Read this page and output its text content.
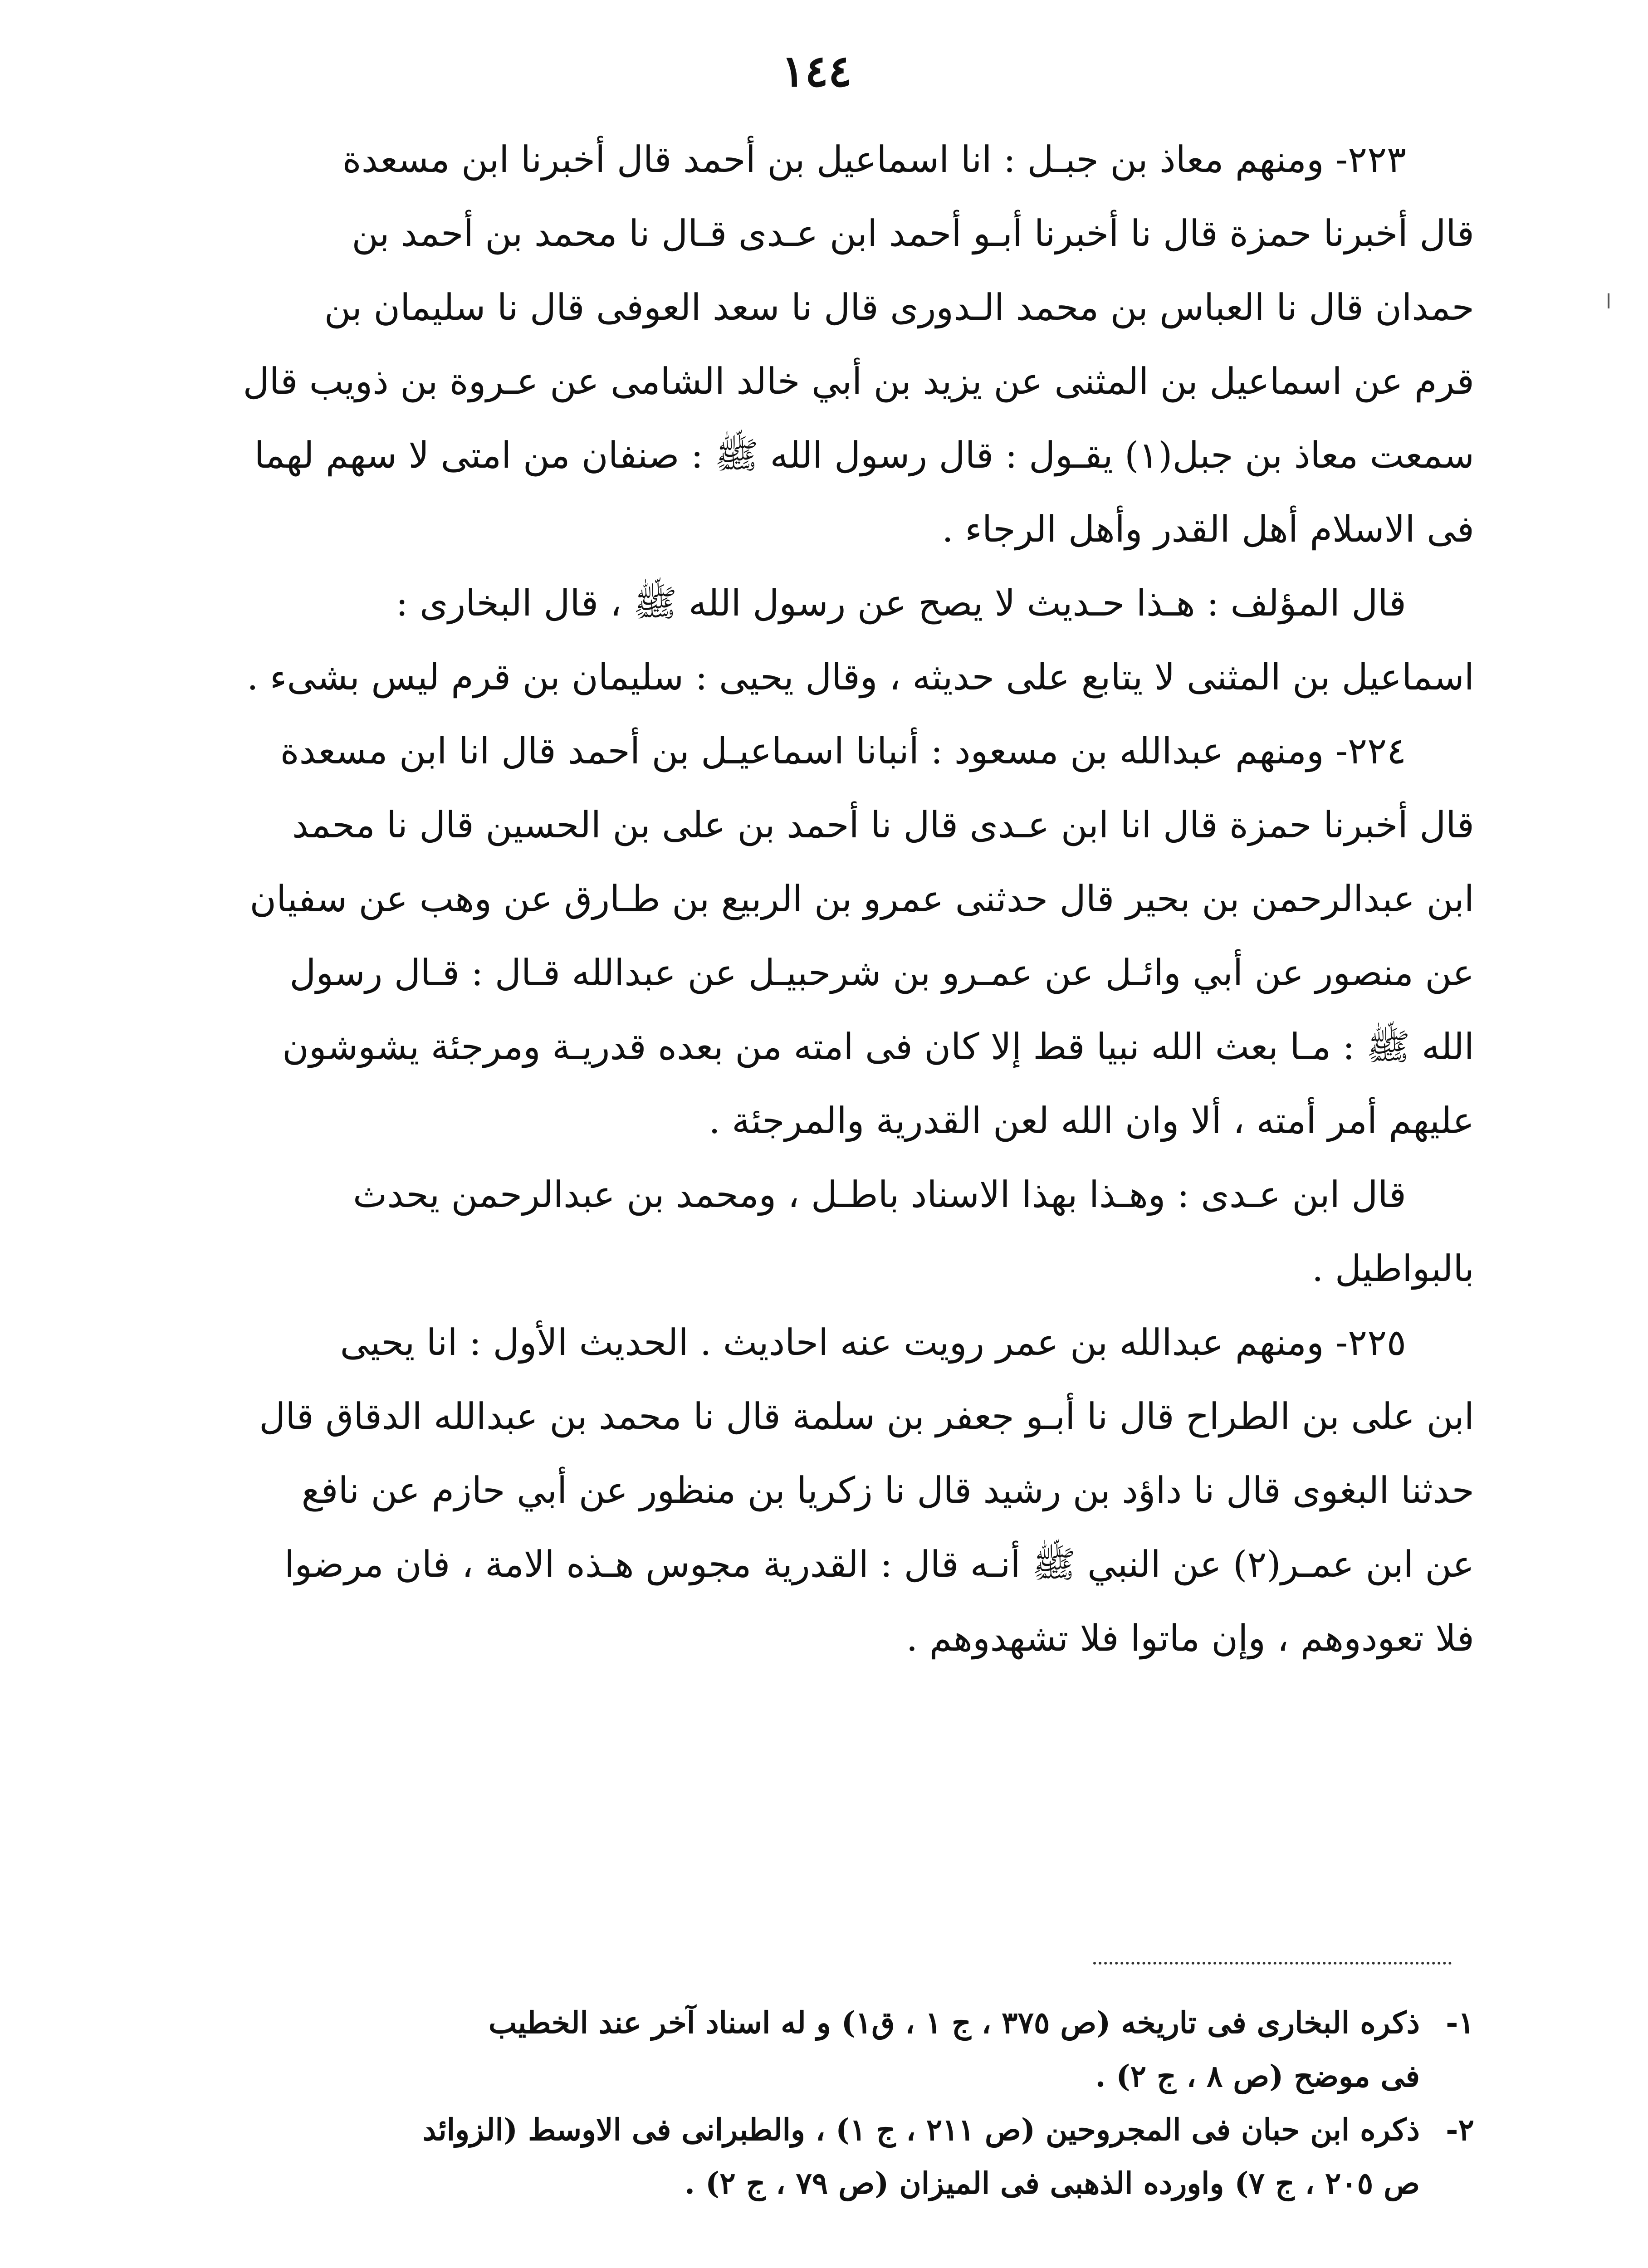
١٤٤
ا

٢٢٣- ومنهم معاذ بن جبـل : انا اسماعيل بن أحمد قال أخبرنا ابن مسعدة
قال أخبرنا حمزة قال نا أخبرنا أبـو أحمد ابن عـدى قـال نا محمد بن أحمد بن
حمدان قال نا العباس بن محمد الـدورى قال نا سعد العوفى قال نا سليمان بن
قرم عن اسماعيل بن المثنى عن يزيد بن أبي خالد الشامى عن عـروة بن ذويب قال
سمعت معاذ بن جبل(١) يقـول : قال رسول الله ﷺ : صنفان من امتى لا سهم لهما
فى الاسلام أهل القدر وأهل الرجاء .

قال المؤلف : هـذا حـديث لا يصح عن رسول الله ﷺ ، قال البخارى :
اسماعيل بن المثنى لا يتابع على حديثه ، وقال يحيى : سليمان بن قرم ليس بشىء .

٢٢٤- ومنهم عبدالله بن مسعود : أنبانا اسماعيـل بن أحمد قال انا ابن مسعدة
قال أخبرنا حمزة قال انا ابن عـدى قال نا أحمد بن على بن الحسين قال نا محمد
ابن عبدالرحمن بن بحير قال حدثنى عمرو بن الربيع بن طـارق عن وهب عن سفيان
عن منصور عن أبي وائـل عن عمـرو بن شرحبيـل عن عبدالله قـال : قـال رسول
الله ﷺ : مـا بعث الله نبيا قط إلا كان فى امته من بعده قدريـة ومرجئة يشوشون
عليهم أمر أمته ، ألا وان الله لعن القدرية والمرجئة .

قال ابن عـدى : وهـذا بهذا الاسناد باطـل ، ومحمد بن عبدالرحمن يحدث
بالبواطيل .

٢٢٥- ومنهم عبدالله بن عمر رويت عنه احاديث . الحديث الأول : انا يحيى
ابن على بن الطراح قال نا أبـو جعفر بن سلمة قال نا محمد بن عبدالله الدقاق قال
حدثنا البغوى قال نا داؤد بن رشيد قال نا زكريا بن منظور عن أبي حازم عن نافع
عن ابن عمـر(٢) عن النبي ﷺ أنـه قال : القدرية مجوس هـذه الامة ، فان مرضوا
فلا تعودوهم ، وإن ماتوا فلا تشهدوهم .

١-ذكره البخارى فى تاريخه (ص ٣٧٥ ، ج ١ ، ق١) و له اسناد آخر عند الخطيب
فى موضح (ص ٨ ، ج ٢) .

٢-ذكره ابن حبان فى المجروحين (ص ٢١١ ، ج ١) ، والطبرانى فى الاوسط (الزوائد
ص ٢٠٥ ، ج ٧) واورده الذهبى فى الميزان (ص ٧٩ ، ج ٢) .
